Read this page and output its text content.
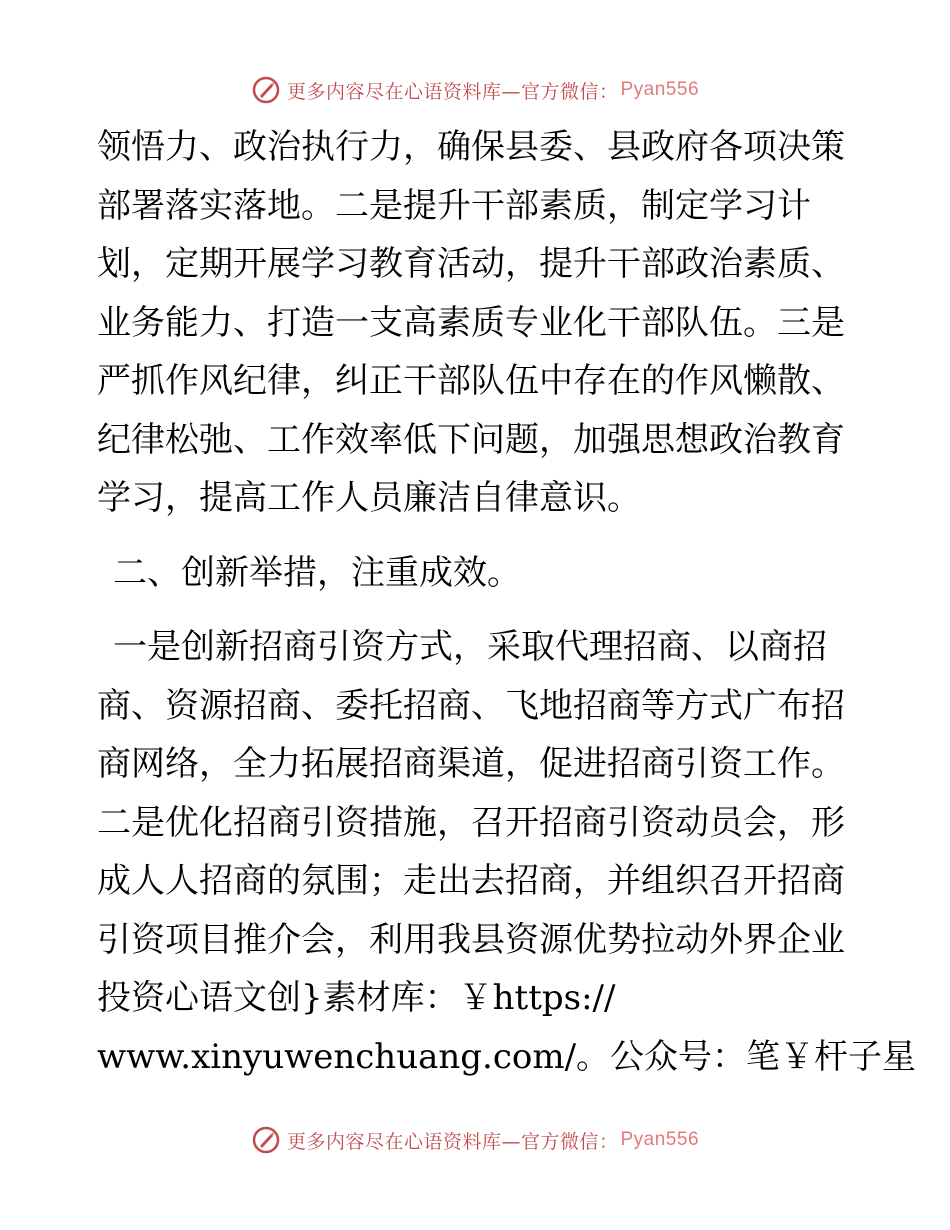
更多内容尽在心语资料库—官方微信： Pyan556
领悟力、政治执行力，确保县委、县政府各项决策
部署落实落地。二是提升干部素质，制定学习计
划，定期开展学习教育活动，提升干部政治素质、
业务能力、打造一支高素质专业化干部队伍。三是
严抓作风纪律，纠正干部队伍中存在的作风懒散、
纪律松弛、工作效率低下问题，加强思想政治教育
学习，提高工作人员廉洁自律意识。
二、创新举措，注重成效。
一是创新招商引资方式，采取代理招商、以商招
商、资源招商、委托招商、飞地招商等方式广布招
商网络，全力拓展招商渠道，促进招商引资工作。
二是优化招商引资措施，召开招商引资动员会，形
成人人招商的氛围；走出去招商，并组织召开招商
引资项目推介会，利用我县资源优势拉动外界企业
投资心语文创}素材库：￥https://
www.xinyuwenchuang.com/。公众号：笔￥杆子星
更多内容尽在心语资料库—官方微信： Pyan556
